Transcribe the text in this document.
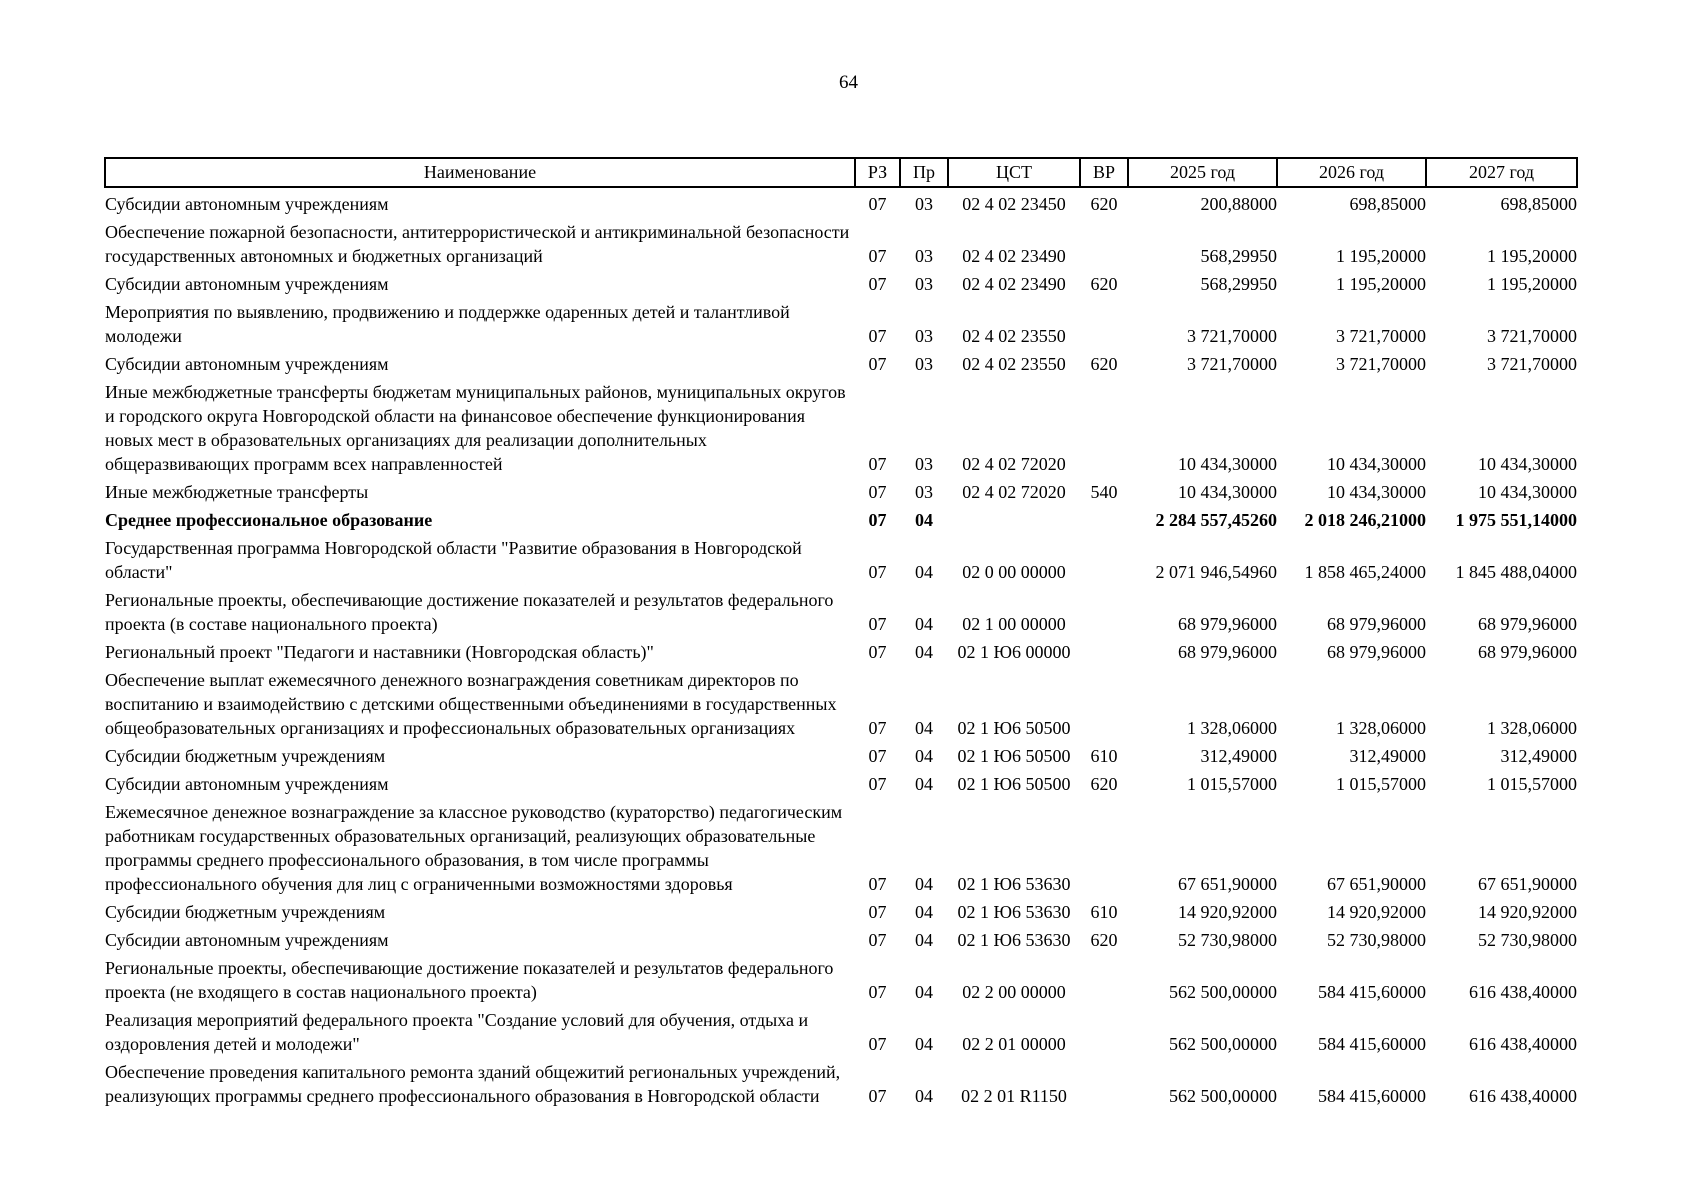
64
Наименование	РЗ	Пр	ЦСТ	ВР	2025 год	2026 год	2027 год
Субсидии автономным учреждениям	07	03	02 4 02 23450	620	200,88000	698,85000	698,85000
Обеспечение пожарной безопасности, антитеррористической и антикриминальной безопасности государственных автономных и бюджетных организаций	07	03	02 4 02 23490		568,29950	1 195,20000	1 195,20000
Субсидии автономным учреждениям	07	03	02 4 02 23490	620	568,29950	1 195,20000	1 195,20000
Мероприятия по выявлению, продвижению и поддержке одаренных детей и талантливой молодежи	07	03	02 4 02 23550		3 721,70000	3 721,70000	3 721,70000
Субсидии автономным учреждениям	07	03	02 4 02 23550	620	3 721,70000	3 721,70000	3 721,70000
Иные межбюджетные трансферты бюджетам муниципальных районов, муниципальных округов и городского округа Новгородской области на финансовое обеспечение функционирования новых мест в образовательных организациях для реализации дополнительных общеразвивающих программ всех направленностей	07	03	02 4 02 72020		10 434,30000	10 434,30000	10 434,30000
Иные межбюджетные трансферты	07	03	02 4 02 72020	540	10 434,30000	10 434,30000	10 434,30000
Среднее профессиональное образование	07	04			2 284 557,45260	2 018 246,21000	1 975 551,14000
Государственная программа Новгородской области "Развитие образования в Новгородской области"	07	04	02 0 00 00000		2 071 946,54960	1 858 465,24000	1 845 488,04000
Региональные проекты, обеспечивающие достижение показателей и результатов федерального проекта (в составе национального проекта)	07	04	02 1 00 00000		68 979,96000	68 979,96000	68 979,96000
Региональный проект "Педагоги и наставники (Новгородская область)"	07	04	02 1 Ю6 00000		68 979,96000	68 979,96000	68 979,96000
Обеспечение выплат ежемесячного денежного вознаграждения советникам директоров по воспитанию и взаимодействию с детскими общественными объединениями в государственных общеобразовательных организациях и профессиональных образовательных организациях	07	04	02 1 Ю6 50500		1 328,06000	1 328,06000	1 328,06000
Субсидии бюджетным учреждениям	07	04	02 1 Ю6 50500	610	312,49000	312,49000	312,49000
Субсидии автономным учреждениям	07	04	02 1 Ю6 50500	620	1 015,57000	1 015,57000	1 015,57000
Ежемесячное денежное вознаграждение за классное руководство (кураторство) педагогическим работникам государственных образовательных организаций, реализующих образовательные программы среднего профессионального образования, в том числе программы профессионального обучения для лиц с ограниченными возможностями здоровья	07	04	02 1 Ю6 53630		67 651,90000	67 651,90000	67 651,90000
Субсидии бюджетным учреждениям	07	04	02 1 Ю6 53630	610	14 920,92000	14 920,92000	14 920,92000
Субсидии автономным учреждениям	07	04	02 1 Ю6 53630	620	52 730,98000	52 730,98000	52 730,98000
Региональные проекты, обеспечивающие достижение показателей и результатов федерального проекта (не входящего в состав национального проекта)	07	04	02 2 00 00000		562 500,00000	584 415,60000	616 438,40000
Реализация мероприятий федерального проекта "Создание условий для обучения, отдыха и оздоровления детей и молодежи"	07	04	02 2 01 00000		562 500,00000	584 415,60000	616 438,40000
Обеспечение проведения капитального ремонта зданий общежитий региональных учреждений, реализующих программы среднего профессионального образования в Новгородской области	07	04	02 2 01 R1150		562 500,00000	584 415,60000	616 438,40000
